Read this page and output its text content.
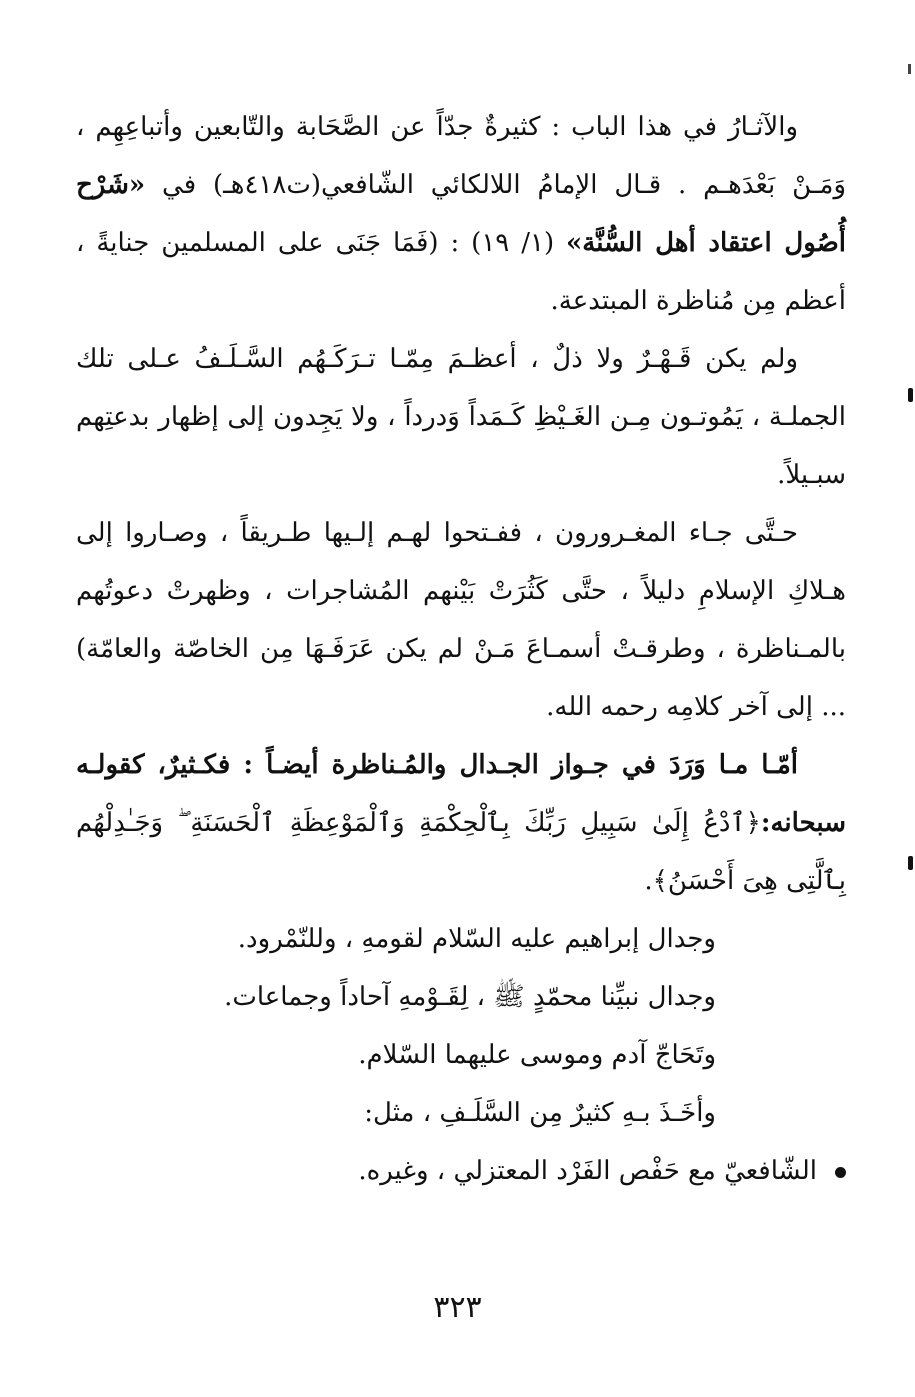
والآثـارُ في هذا الباب : كثيرةٌ جدّاً عن الصَّحَابة والتّابعين وأتباعِهِم ، وَمَـنْ بَعْدَهـم . قـال الإمامُ اللالكائي الشّافعي(ت٤١٨هـ) في «شَرْح أُصُول اعتقاد أهل السُّنَّة» (١/ ١٩) : (فَمَا جَنَى على المسلمين جنايةً ، أعظم مِن مُناظرة المبتدعة.

ولم يكن قَـهْـرٌ ولا ذلٌ ، أعظـمَ مِمّـا تـرَكَـهُم السَّـلَـفُ عـلى تلك الجملـة ، يَمُوتـون مِـن الغَـيْظِ كَـمَداً وَدرداً ، ولا يَجِدون إلى إظهار بدعتِهم سبـيلاً.

حـتَّى جـاء المغـرورون ، ففـتحوا لهـم إلـيها طـريقاً ، وصـاروا إلى هـلاكِ الإسلامِ دليلاً ، حتَّى كَثُرَتْ بَيْنهم المُشاجرات ، وظهرتْ دعوتُهم بالمـناظرة ، وطرقـتْ أسمـاعَ مَـنْ لم يكن عَرَفَـهَا مِن الخاصّة والعامّة) ... إلى آخر كلامِه رحمه الله.

أمّـا مـا وَرَدَ في جـواز الجـدال والمُـناظرة أيضـاً : فكـثيرٌ، كقولـه سبحانه:﴿ٱدْعُ إِلَىٰ سَبِيلِ رَبِّكَ بِٱلْحِكْمَةِ وَٱلْمَوْعِظَةِ ٱلْحَسَنَةِ ۖ وَجَـٰدِلْهُم بِٱلَّتِى هِىَ أَحْسَنُ﴾.

وجدال إبراهيم عليه السّلام لقومهِ ، وللنّمْرود.
وجدال نبيِّنا محمّدٍ ﷺ ، لِقَـوْمهِ آحاداً وجماعات.
وتَحَاجّ آدم وموسى عليهما السّلام.
وأخَـذَ بـهِ كثيرٌ مِن السَّلَـفِ ، مثل:
الشّافعيّ مع حَفْص الفَرْد المعتزلي ، وغيره.
٣٢٣
